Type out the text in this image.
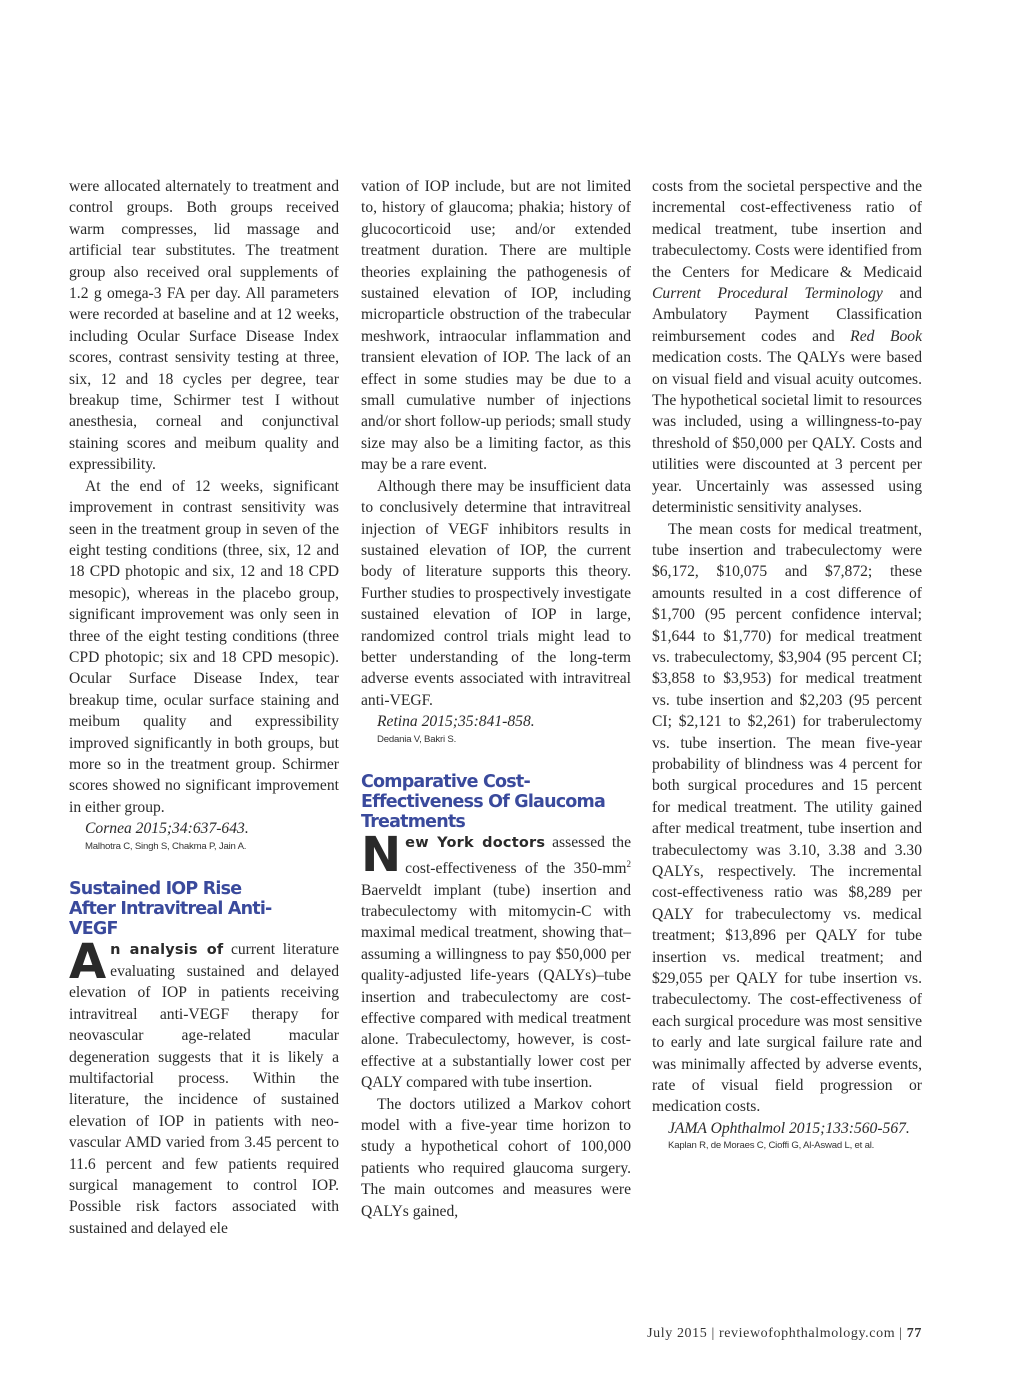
were allocated alternately to treatment and control groups. Both groups received warm compresses, lid massage and artificial tear substitutes. The treatment group also received oral supplements of 1.2 g omega-3 FA per day. All parameters were recorded at baseline and at 12 weeks, including Ocular Surface Disease Index scores, contrast sensivity testing at three, six, 12 and 18 cycles per degree, tear breakup time, Schirmer test I without anesthesia, corneal and conjunctival staining scores and meibum quality and expressibility.

At the end of 12 weeks, significant improvement in contrast sensitivity was seen in the treatment group in seven of the eight testing conditions (three, six, 12 and 18 CPD photopic and six, 12 and 18 CPD mesopic), whereas in the placebo group, significant improvement was only seen in three of the eight testing conditions (three CPD photopic; six and 18 CPD mesopic). Ocular Surface Disease Index, tear breakup time, ocular surface staining and meibum quality and expressibility improved significantly in both groups, but more so in the treatment group. Schirmer scores showed no significant improvement in either group.

Cornea 2015;34:637-643.

Malhotra C, Singh S, Chakma P, Jain A.

Sustained IOP Rise After Intravitreal Anti-VEGF

An analysis of current literature evaluating sustained and delayed elevation of IOP in patients receiving intravitreal anti-VEGF therapy for neovascular age-related macular degeneration suggests that it is likely a multifactorial process. Within the literature, the incidence of sustained elevation of IOP in patients with neovascular AMD varied from 3.45 percent to 11.6 percent and few patients required surgical management to control IOP. Possible risk factors associated with sustained and delayed ele

vation of IOP include, but are not limited to, history of glaucoma; phakia; history of glucocorticoid use; and/or extended treatment duration. There are multiple theories explaining the pathogenesis of sustained elevation of IOP, including microparticle obstruction of the trabecular meshwork, intraocular inflammation and transient elevation of IOP. The lack of an effect in some studies may be due to a small cumulative number of injections and/or short follow-up periods; small study size may also be a limiting factor, as this may be a rare event.

Although there may be insufficient data to conclusively determine that intravitreal injection of VEGF inhibitors results in sustained elevation of IOP, the current body of literature supports this theory. Further studies to prospectively investigate sustained elevation of IOP in large, randomized control trials might lead to better understanding of the long-term adverse events associated with intravitreal anti-VEGF.

Retina 2015;35:841-858.

Dedania V, Bakri S.

Comparative Cost-Effectiveness Of Glaucoma Treatments

New York doctors assessed the cost-effectiveness of the $350-mm^2$ Baerveldt implant (tube) insertion and trabeculectomy with mitomycin-C with maximal medical treatment, showing that–assuming a willingness to pay $50,000 per quality-adjusted life-years (QALYs)–tube insertion and trabeculectomy are cost-effective compared with medical treatment alone. Trabeculectomy, however, is cost-effective at a substantially lower cost per QALY compared with tube insertion.

The doctors utilized a Markov cohort model with a five-year time horizon to study a hypothetical cohort of 100,000 patients who required glaucoma surgery. The main outcomes and measures were QALYs gained,

costs from the societal perspective and the incremental cost-effectiveness ratio of medical treatment, tube insertion and trabeculectomy. Costs were identified from the Centers for Medicare & Medicaid Current Procedural Terminology and Ambulatory Payment Classification reimbursement codes and Red Book medication costs. The QALYs were based on visual field and visual acuity outcomes. The hypothetical societal limit to resources was included, using a willingness-to-pay threshold of $50,000 per QALY. Costs and utilities were discounted at 3 percent per year. Uncertainly was assessed using deterministic sensitivity analyses.

The mean costs for medical treatment, tube insertion and trabeculectomy were $6,172, $10,075 and $7,872; these amounts resulted in a cost difference of $1,700 (95 percent confidence interval; $1,644 to $1,770) for medical treatment vs. trabeculectomy, $3,904 (95 percent CI; $3,858 to $3,953) for medical treatment vs. tube insertion and $2,203 (95 percent CI; $2,121 to $2,261) for traberulectomy vs. tube insertion. The mean five-year probability of blindness was 4 percent for both surgical procedures and 15 percent for medical treatment. The utility gained after medical treatment, tube insertion and trabeculectomy was 3.10, 3.38 and 3.30 QALYs, respectively. The incremental cost-effectiveness ratio was $8,289 per QALY for trabeculectomy vs. medical treatment; $13,896 per QALY for tube insertion vs. medical treatment; and $29,055 per QALY for tube insertion vs. trabeculectomy. The cost-effectiveness of each surgical procedure was most sensitive to early and late surgical failure rate and was minimally affected by adverse events, rate of visual field progression or medication costs.

JAMA Ophthalmol 2015;133:560-567.

Kaplan R, de Moraes C, Cioffi G, Al-Aswad L, et al.

July 2015 | reviewofophthalmology.com | 77
